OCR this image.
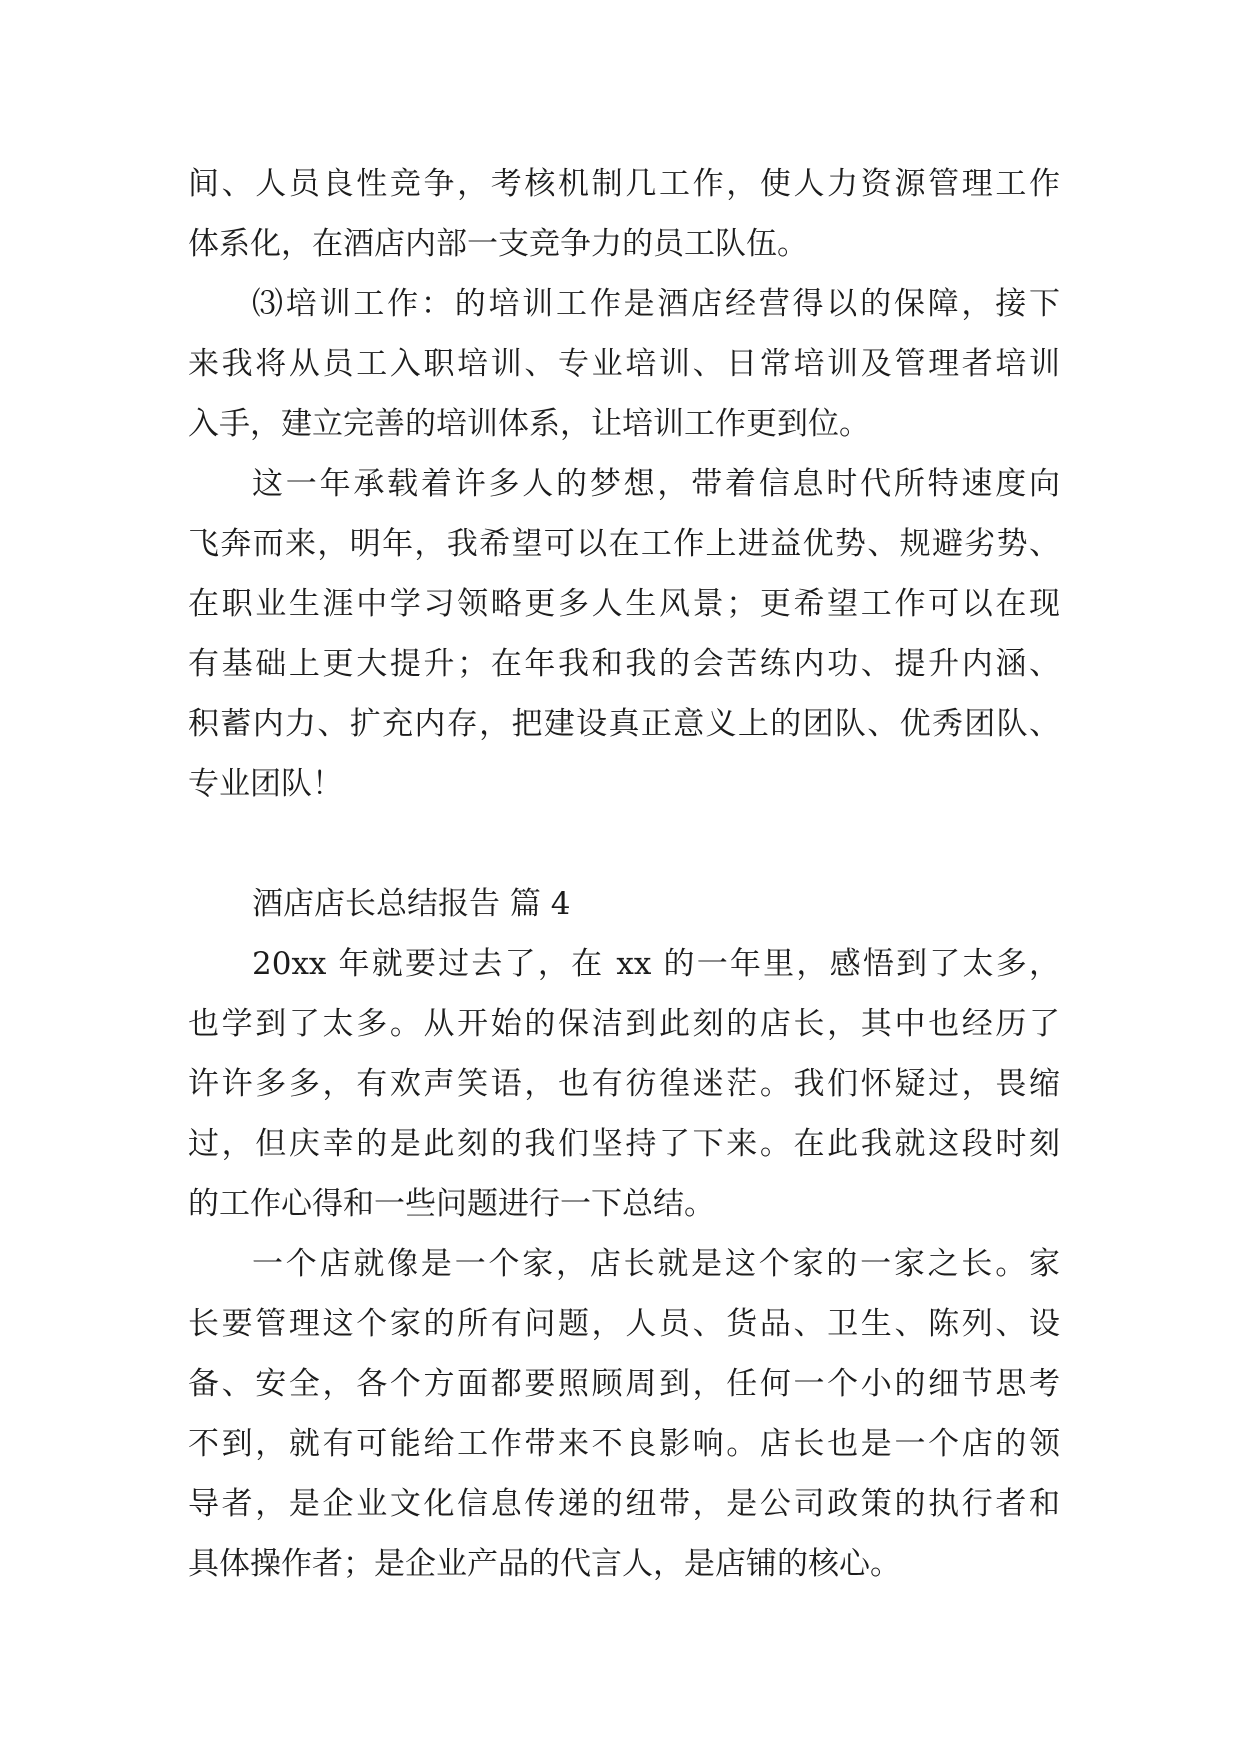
间、人员良性竞争，考核机制几工作，使人力资源管理工作
体系化，在酒店内部一支竞争力的员工队伍。
⑶培训工作：的培训工作是酒店经营得以的保障，接下
来我将从员工入职培训、专业培训、日常培训及管理者培训
入手，建立完善的培训体系，让培训工作更到位。
这一年承载着许多人的梦想，带着信息时代所特速度向
飞奔而来，明年，我希望可以在工作上进益优势、规避劣势、
在职业生涯中学习领略更多人生风景；更希望工作可以在现
有基础上更大提升；在年我和我的会苦练内功、提升内涵、
积蓄内力、扩充内存，把建设真正意义上的团队、优秀团队、
专业团队！
酒店店长总结报告 篇 4
20xx 年就要过去了，在 xx 的一年里，感悟到了太多，
也学到了太多。从开始的保洁到此刻的店长，其中也经历了
许许多多，有欢声笑语，也有彷徨迷茫。我们怀疑过，畏缩
过，但庆幸的是此刻的我们坚持了下来。在此我就这段时刻
的工作心得和一些问题进行一下总结。
一个店就像是一个家，店长就是这个家的一家之长。家
长要管理这个家的所有问题，人员、货品、卫生、陈列、设
备、安全，各个方面都要照顾周到，任何一个小的细节思考
不到，就有可能给工作带来不良影响。店长也是一个店的领
导者，是企业文化信息传递的纽带，是公司政策的执行者和
具体操作者；是企业产品的代言人，是店铺的核心。
